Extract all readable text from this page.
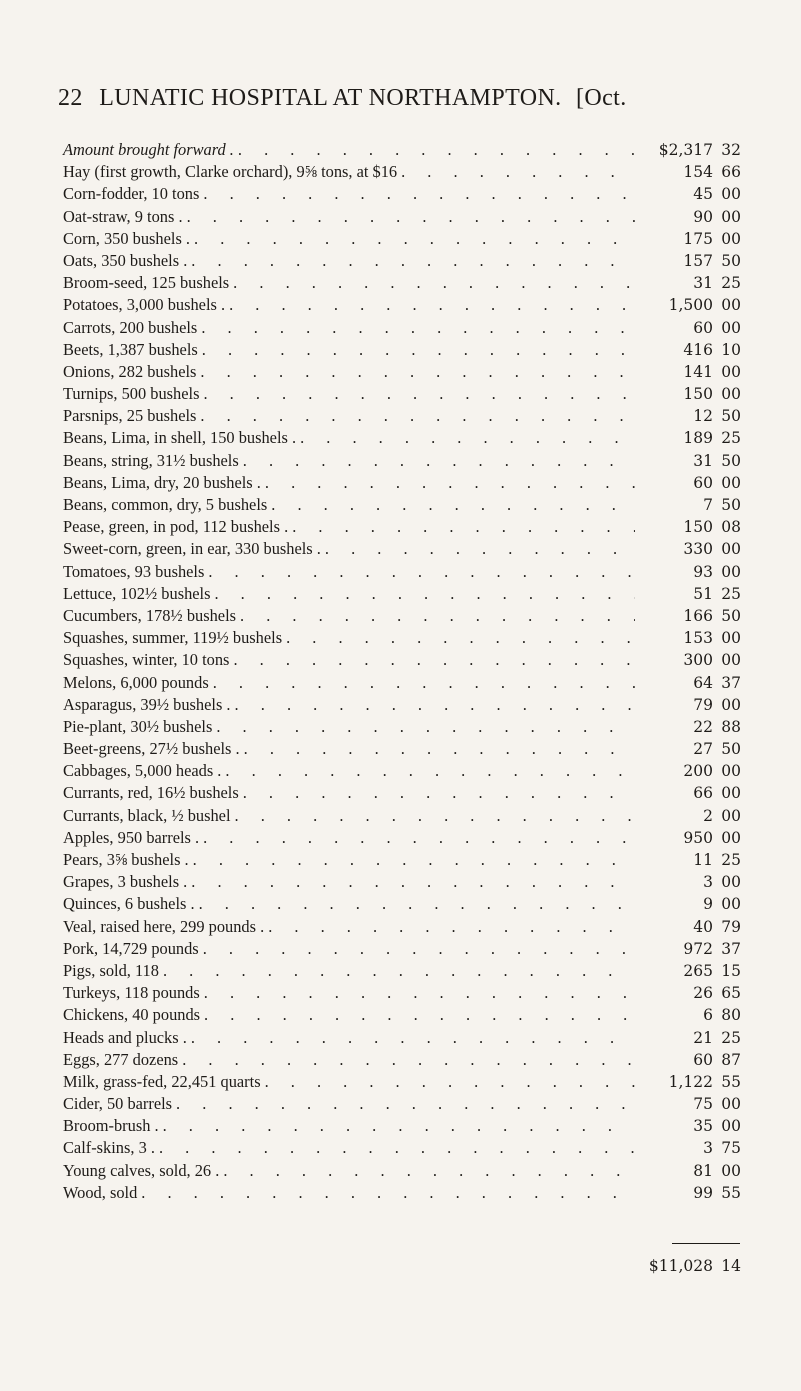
22 LUNATIC HOSPITAL AT NORTHAMPTON. [Oct.
Amount brought forward . . . .	$2,317 32
Hay (first growth, Clarke orchard), 9⅝ tons, at $16 . . .	154 66
Corn-fodder, 10 tons . . .	45 00
Oat-straw, 9 tons . . . .	90 00
Corn, 350 bushels . . . .	175 00
Oats, 350 bushels . . . .	157 50
Broom-seed, 125 bushels . . .	31 25
Potatoes, 3,000 bushels . . . .	1,500 00
Carrots, 200 bushels . . .	60 00
Beets, 1,387 bushels . . .	416 10
Onions, 282 bushels . . .	141 00
Turnips, 500 bushels . . .	150 00
Parsnips, 25 bushels . . .	12 50
Beans, Lima, in shell, 150 bushels . . . .	189 25
Beans, string, 31½ bushels . . .	31 50
Beans, Lima, dry, 20 bushels . . . .	60 00
Beans, common, dry, 5 bushels . . .	7 50
Pease, green, in pod, 112 bushels . . . .	150 08
Sweet-corn, green, in ear, 330 bushels . . . .	330 00
Tomatoes, 93 bushels . . .	93 00
Lettuce, 102½ bushels . . .	51 25
Cucumbers, 178½ bushels . . .	166 50
Squashes, summer, 119½ bushels . . .	153 00
Squashes, winter, 10 tons . . .	300 00
Melons, 6,000 pounds . . .	64 37
Asparagus, 39½ bushels . . . .	79 00
Pie-plant, 30½ bushels . . .	22 88
Beet-greens, 27½ bushels . . . .	27 50
Cabbages, 5,000 heads . . . .	200 00
Currants, red, 16½ bushels . . .	66 00
Currants, black, ½ bushel . . .	2 00
Apples, 950 barrels . . . .	950 00
Pears, 3⅝ bushels . . . .	11 25
Grapes, 3 bushels . . . .	3 00
Quinces, 6 bushels . . . .	9 00
Veal, raised here, 299 pounds . . . .	40 79
Pork, 14,729 pounds . . .	972 37
Pigs, sold, 118 . . .	265 15
Turkeys, 118 pounds . . .	26 65
Chickens, 40 pounds . . .	6 80
Heads and plucks . . . .	21 25
Eggs, 277 dozens . . .	60 87
Milk, grass-fed, 22,451 quarts . . .	1,122 55
Cider, 50 barrels . . .	75 00
Broom-brush . . . .	35 00
Calf-skins, 3 . . . .	3 75
Young calves, sold, 26 . . . .	81 00
Wood, sold . . .	99 55
$11,028 14
